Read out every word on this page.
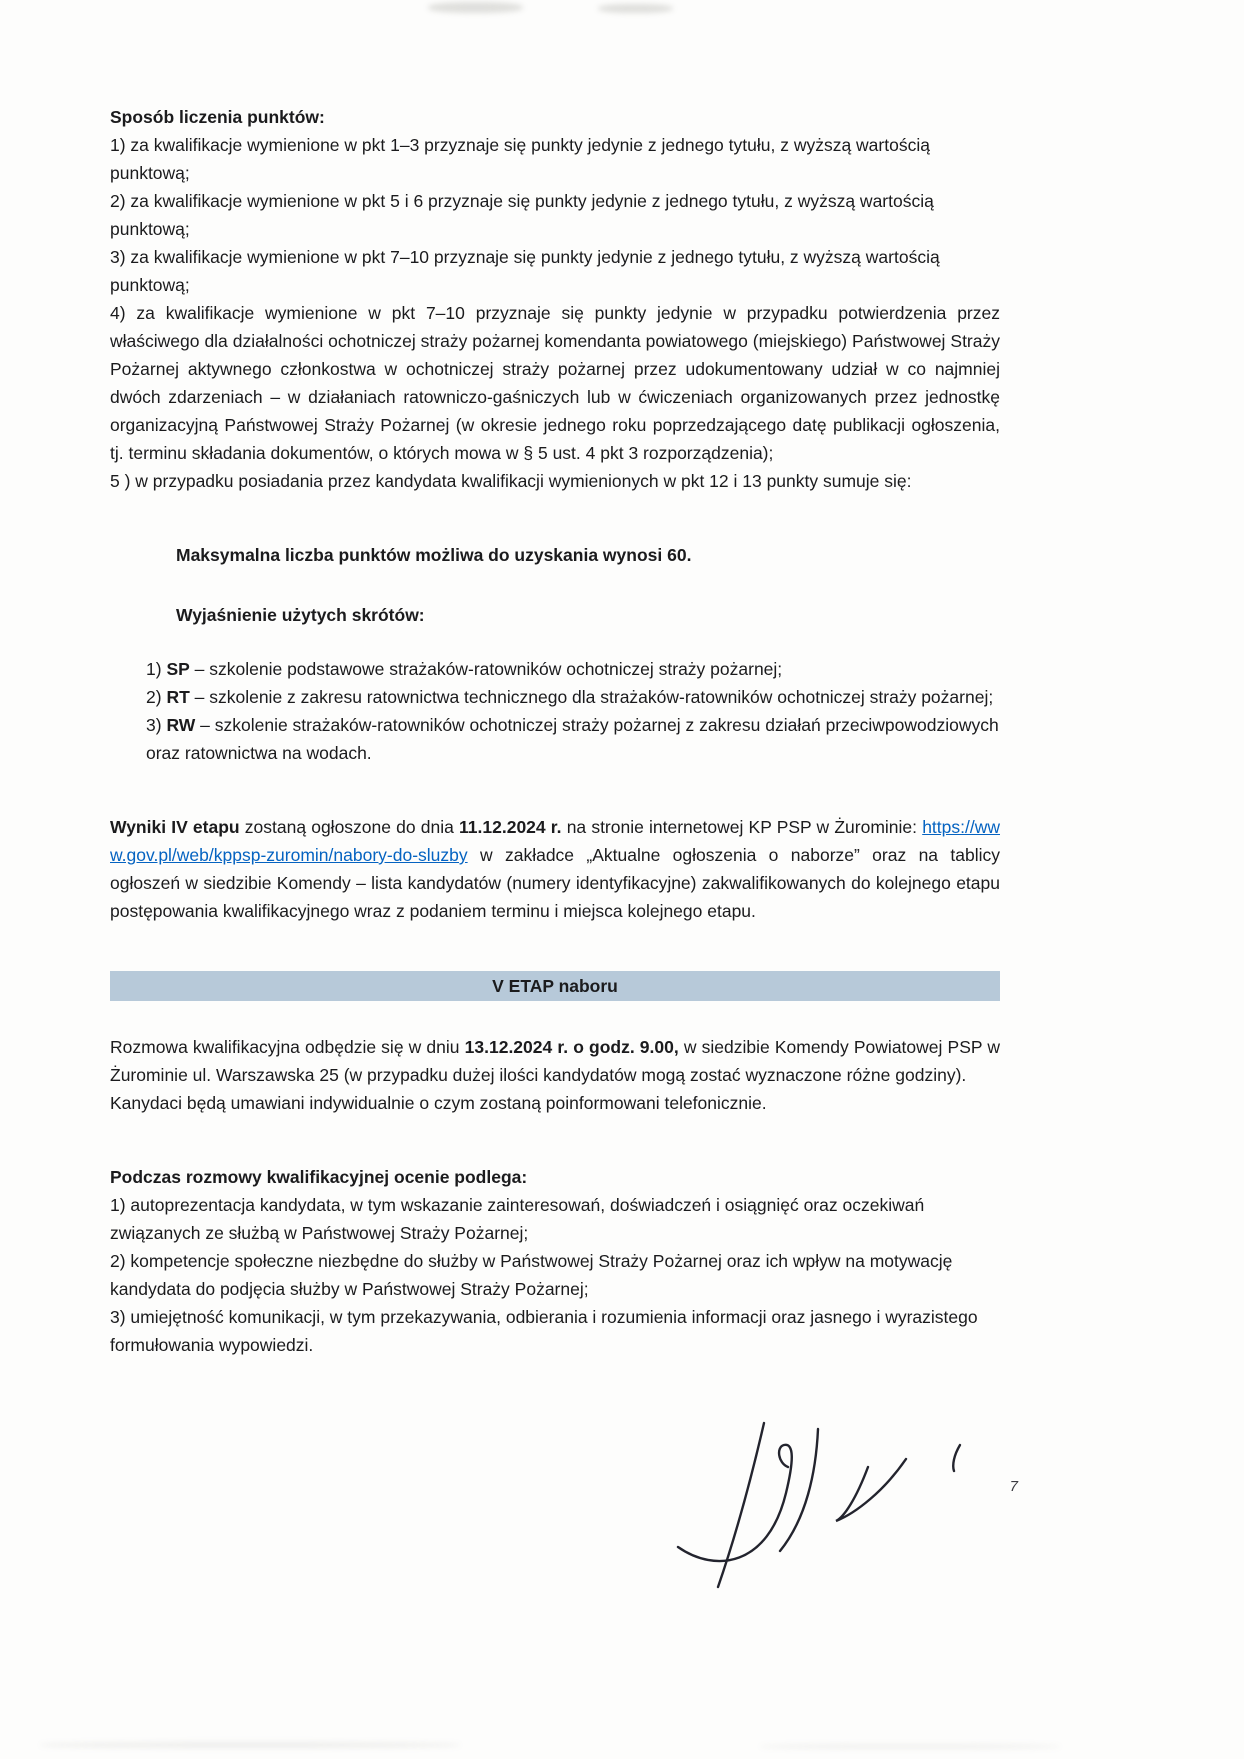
Sposób liczenia punktów:

1) za kwalifikacje wymienione w pkt 1–3 przyznaje się punkty jedynie z jednego tytułu, z wyższą wartością punktową;

2) za kwalifikacje wymienione w pkt 5 i 6 przyznaje się punkty jedynie z jednego tytułu, z wyższą wartością punktową;

3) za kwalifikacje wymienione w pkt 7–10 przyznaje się punkty jedynie z jednego tytułu, z wyższą wartością punktową;

4) za kwalifikacje wymienione w pkt 7–10 przyznaje się punkty jedynie w przypadku potwierdzenia przez właściwego dla działalności ochotniczej straży pożarnej komendanta powiatowego (miejskiego) Państwowej Straży Pożarnej aktywnego członkostwa w ochotniczej straży pożarnej przez udokumentowany udział w co najmniej dwóch zdarzeniach – w działaniach ratowniczo-gaśniczych lub w ćwiczeniach organizowanych przez jednostkę organizacyjną Państwowej Straży Pożarnej (w okresie jednego roku poprzedzającego datę publikacji ogłoszenia, tj. terminu składania dokumentów, o których mowa w § 5 ust. 4 pkt 3 rozporządzenia);

5 ) w przypadku posiadania przez kandydata kwalifikacji wymienionych w pkt 12 i 13 punkty sumuje się:

Maksymalna liczba punktów możliwa do uzyskania wynosi 60.

Wyjaśnienie użytych skrótów:

1) SP – szkolenie podstawowe strażaków-ratowników ochotniczej straży pożarnej;

2) RT – szkolenie z zakresu ratownictwa technicznego dla strażaków-ratowników ochotniczej straży pożarnej;

3) RW – szkolenie strażaków-ratowników ochotniczej straży pożarnej z zakresu działań przeciwpowodziowych oraz ratownictwa na wodach.

Wyniki IV etapu zostaną ogłoszone do dnia 11.12.2024 r. na stronie internetowej KP PSP w Żurominie: https://www.gov.pl/web/kppsp-zuromin/nabory-do-sluzby w zakładce „Aktualne ogłoszenia o naborze” oraz na tablicy ogłoszeń w siedzibie Komendy – lista kandydatów (numery identyfikacyjne) zakwalifikowanych do kolejnego etapu postępowania kwalifikacyjnego wraz z podaniem terminu i miejsca kolejnego etapu.

V ETAP naboru

Rozmowa kwalifikacyjna odbędzie się w dniu 13.12.2024 r. o godz. 9.00, w siedzibie Komendy Powiatowej PSP w Żurominie ul. Warszawska 25 (w przypadku dużej ilości kandydatów mogą zostać wyznaczone różne godziny).

Kanydaci będą umawiani indywidualnie o czym zostaną poinformowani telefonicznie.

Podczas rozmowy kwalifikacyjnej ocenie podlega:

1) autoprezentacja kandydata, w tym wskazanie zainteresowań, doświadczeń i osiągnięć oraz oczekiwań związanych ze służbą w Państwowej Straży Pożarnej;

2) kompetencje społeczne niezbędne do służby w Państwowej Straży Pożarnej oraz ich wpływ na motywację kandydata do podjęcia służby w Państwowej Straży Pożarnej;

3) umiejętność komunikacji, w tym przekazywania, odbierania i rozumienia informacji oraz jasnego i wyrazistego formułowania wypowiedzi.

7
